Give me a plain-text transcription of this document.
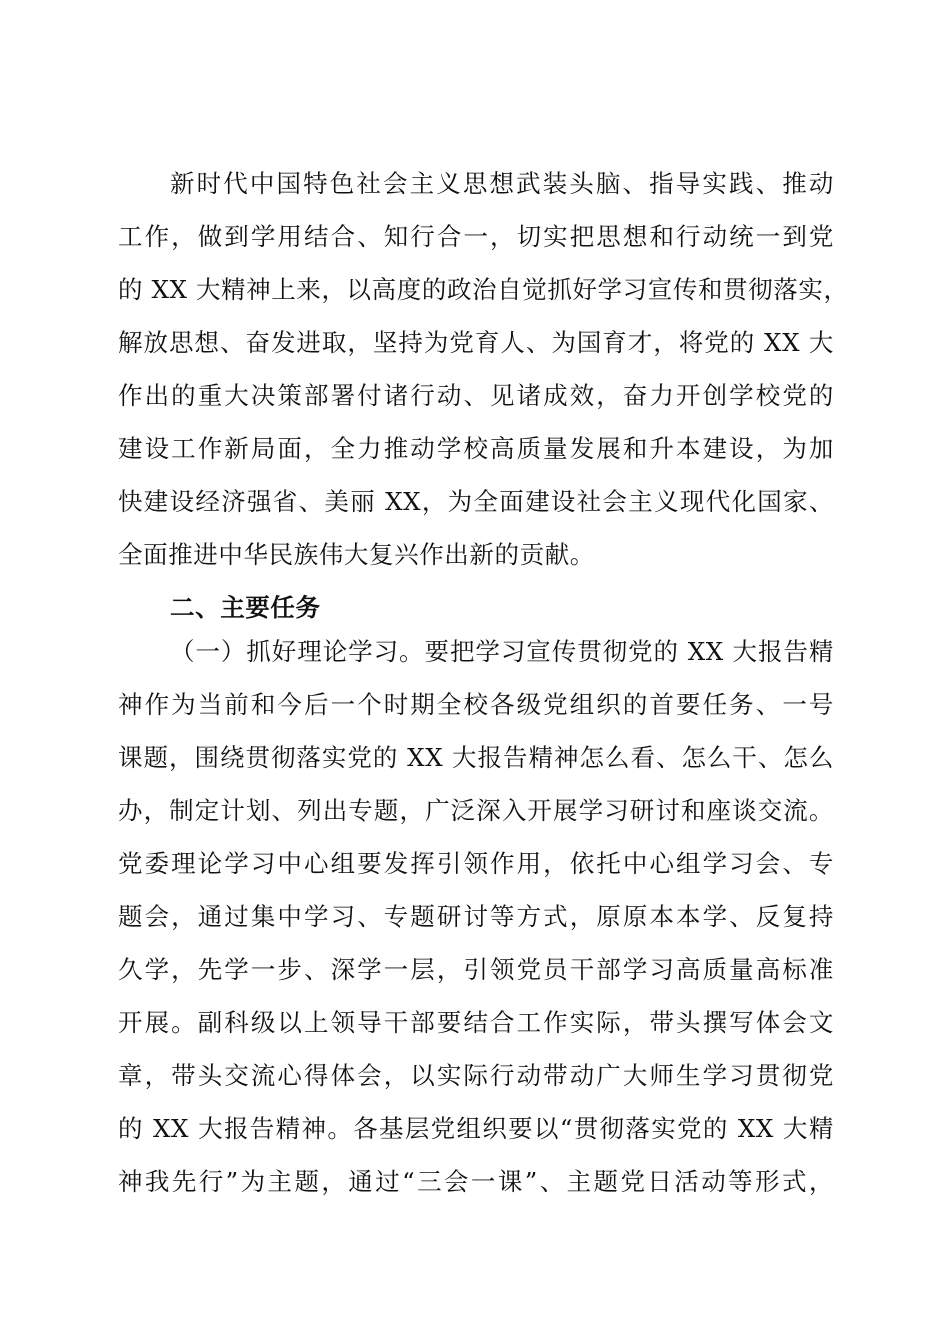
新时代中国特色社会主义思想武装头脑、指导实践、推动
工作，做到学用结合、知行合一，切实把思想和行动统一到党
的 XX 大精神上来，以高度的政治自觉抓好学习宣传和贯彻落实，
解放思想、奋发进取，坚持为党育人、为国育才，将党的 XX 大
作出的重大决策部署付诸行动、见诸成效，奋力开创学校党的
建设工作新局面，全力推动学校高质量发展和升本建设，为加
快建设经济强省、美丽 XX，为全面建设社会主义现代化国家、
全面推进中华民族伟大复兴作出新的贡献。
二、主要任务
（一）抓好理论学习。要把学习宣传贯彻党的 XX 大报告精
神作为当前和今后一个时期全校各级党组织的首要任务、一号
课题，围绕贯彻落实党的 XX 大报告精神怎么看、怎么干、怎么
办，制定计划、列出专题，广泛深入开展学习研讨和座谈交流。
党委理论学习中心组要发挥引领作用，依托中心组学习会、专
题会，通过集中学习、专题研讨等方式，原原本本学、反复持
久学，先学一步、深学一层，引领党员干部学习高质量高标准
开展。副科级以上领导干部要结合工作实际，带头撰写体会文
章，带头交流心得体会，以实际行动带动广大师生学习贯彻党
的 XX 大报告精神。各基层党组织要以“贯彻落实党的 XX 大精
神我先行”为主题，通过“三会一课”、主题党日活动等形式，
